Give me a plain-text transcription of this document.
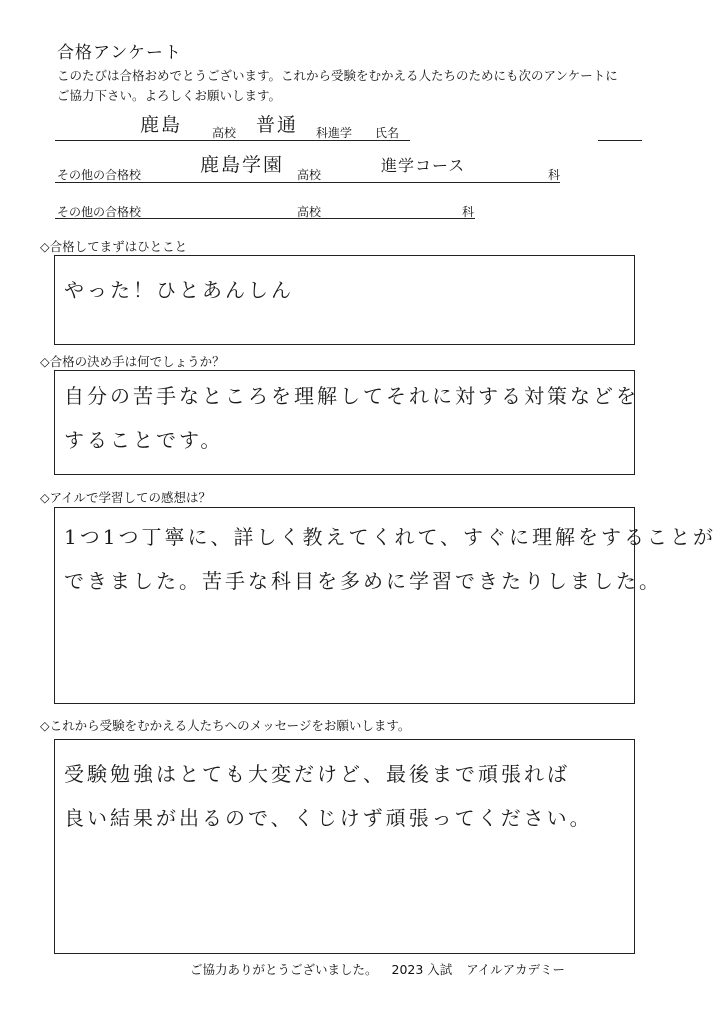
合格アンケート
このたびは合格おめでとうございます。これから受験をむかえる人たちのためにも次のアンケートに
ご協力下さい。よろしくお願いします。
鹿島 高校 普通 科進学 氏名
その他の合格校	鹿島学園 高校	進学コース	科
その他の合格校	高校	科
◇合格してまずはひとこと
やった！ひとあんしん
◇合格の決め手は何でしょうか？
自分の苦手なところを理解してそれに対する対策などを
することです。
◇アイルで学習しての感想は？
1つ1つ丁寧に、詳しく教えてくれて、すぐに理解をすることが
できました。苦手な科目を多めに学習できたりしました。
◇これから受験をむかえる人たちへのメッセージをお願いします。
受験勉強はとても大変だけど、最後まで頑張れば
良い結果が出るので、くじけず頑張ってください。
ご協力ありがとうございました。 2023 入試 アイルアカデミー
